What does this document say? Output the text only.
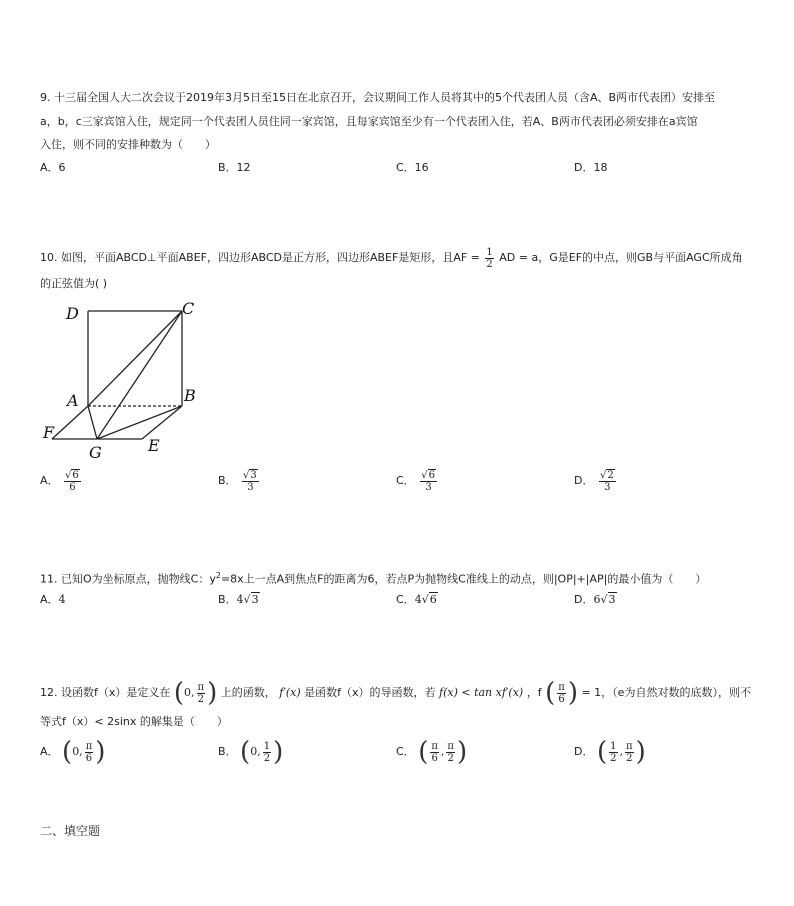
9. 十三届全国人大二次会议于2019年3月5日至15日在北京召开，会议期间工作人员将其中的5个代表团人员（含A、B两市代表团）安排至
a，b，c三家宾馆入住，规定同一个代表团人员住同一家宾馆，且每家宾馆至少有一个代表团入住，若A、B两市代表团必须安排在a宾馆
入住，则不同的安排种数为（　　）
A．6	B．12	C．16	D．18
10. 如图，平面ABCD⊥平面ABEF，四边形ABCD是正方形，四边形ABEF是矩形，且AF = $\frac{1}{2}$ AD = a，G是EF的中点，则GB与平面AGC所成角
的正弦值为( )
D	C
A	B
F
G	E
A． $\frac{√6}{6}$	B． $\frac{√3}{3}$	C． $\frac{√6}{3}$	D． $\frac{√2}{3}$
11. 已知O为坐标原点，抛物线C：$y^2=8x$上一点A到焦点F的距离为6，若点P为抛物线C准线上的动点，则|OP|+|AP|的最小值为（　　）
A．4	B．4√3	C．4√6	D．6√3
12. 设函数f（x）是定义在 ( 0, $\frac{\pi}{2}$ ) 上的函数， f′(x) 是函数f（x）的导函数，若 f(x) < tan xf′(x) ，f ( $\frac{\pi}{6}$ ) = 1，（e为自然对数的底数），则不
等式f（x）< 2sinx 的解集是（　　）
A． ( 0, $\frac{\pi}{6}$ )	B． ( 0, $\frac{1}{2}$ )	C． ( $\frac{\pi}{6}$ , $\frac{\pi}{2}$ )	D． ( $\frac{1}{2}$ , $\frac{\pi}{2}$ )
二、填空题
